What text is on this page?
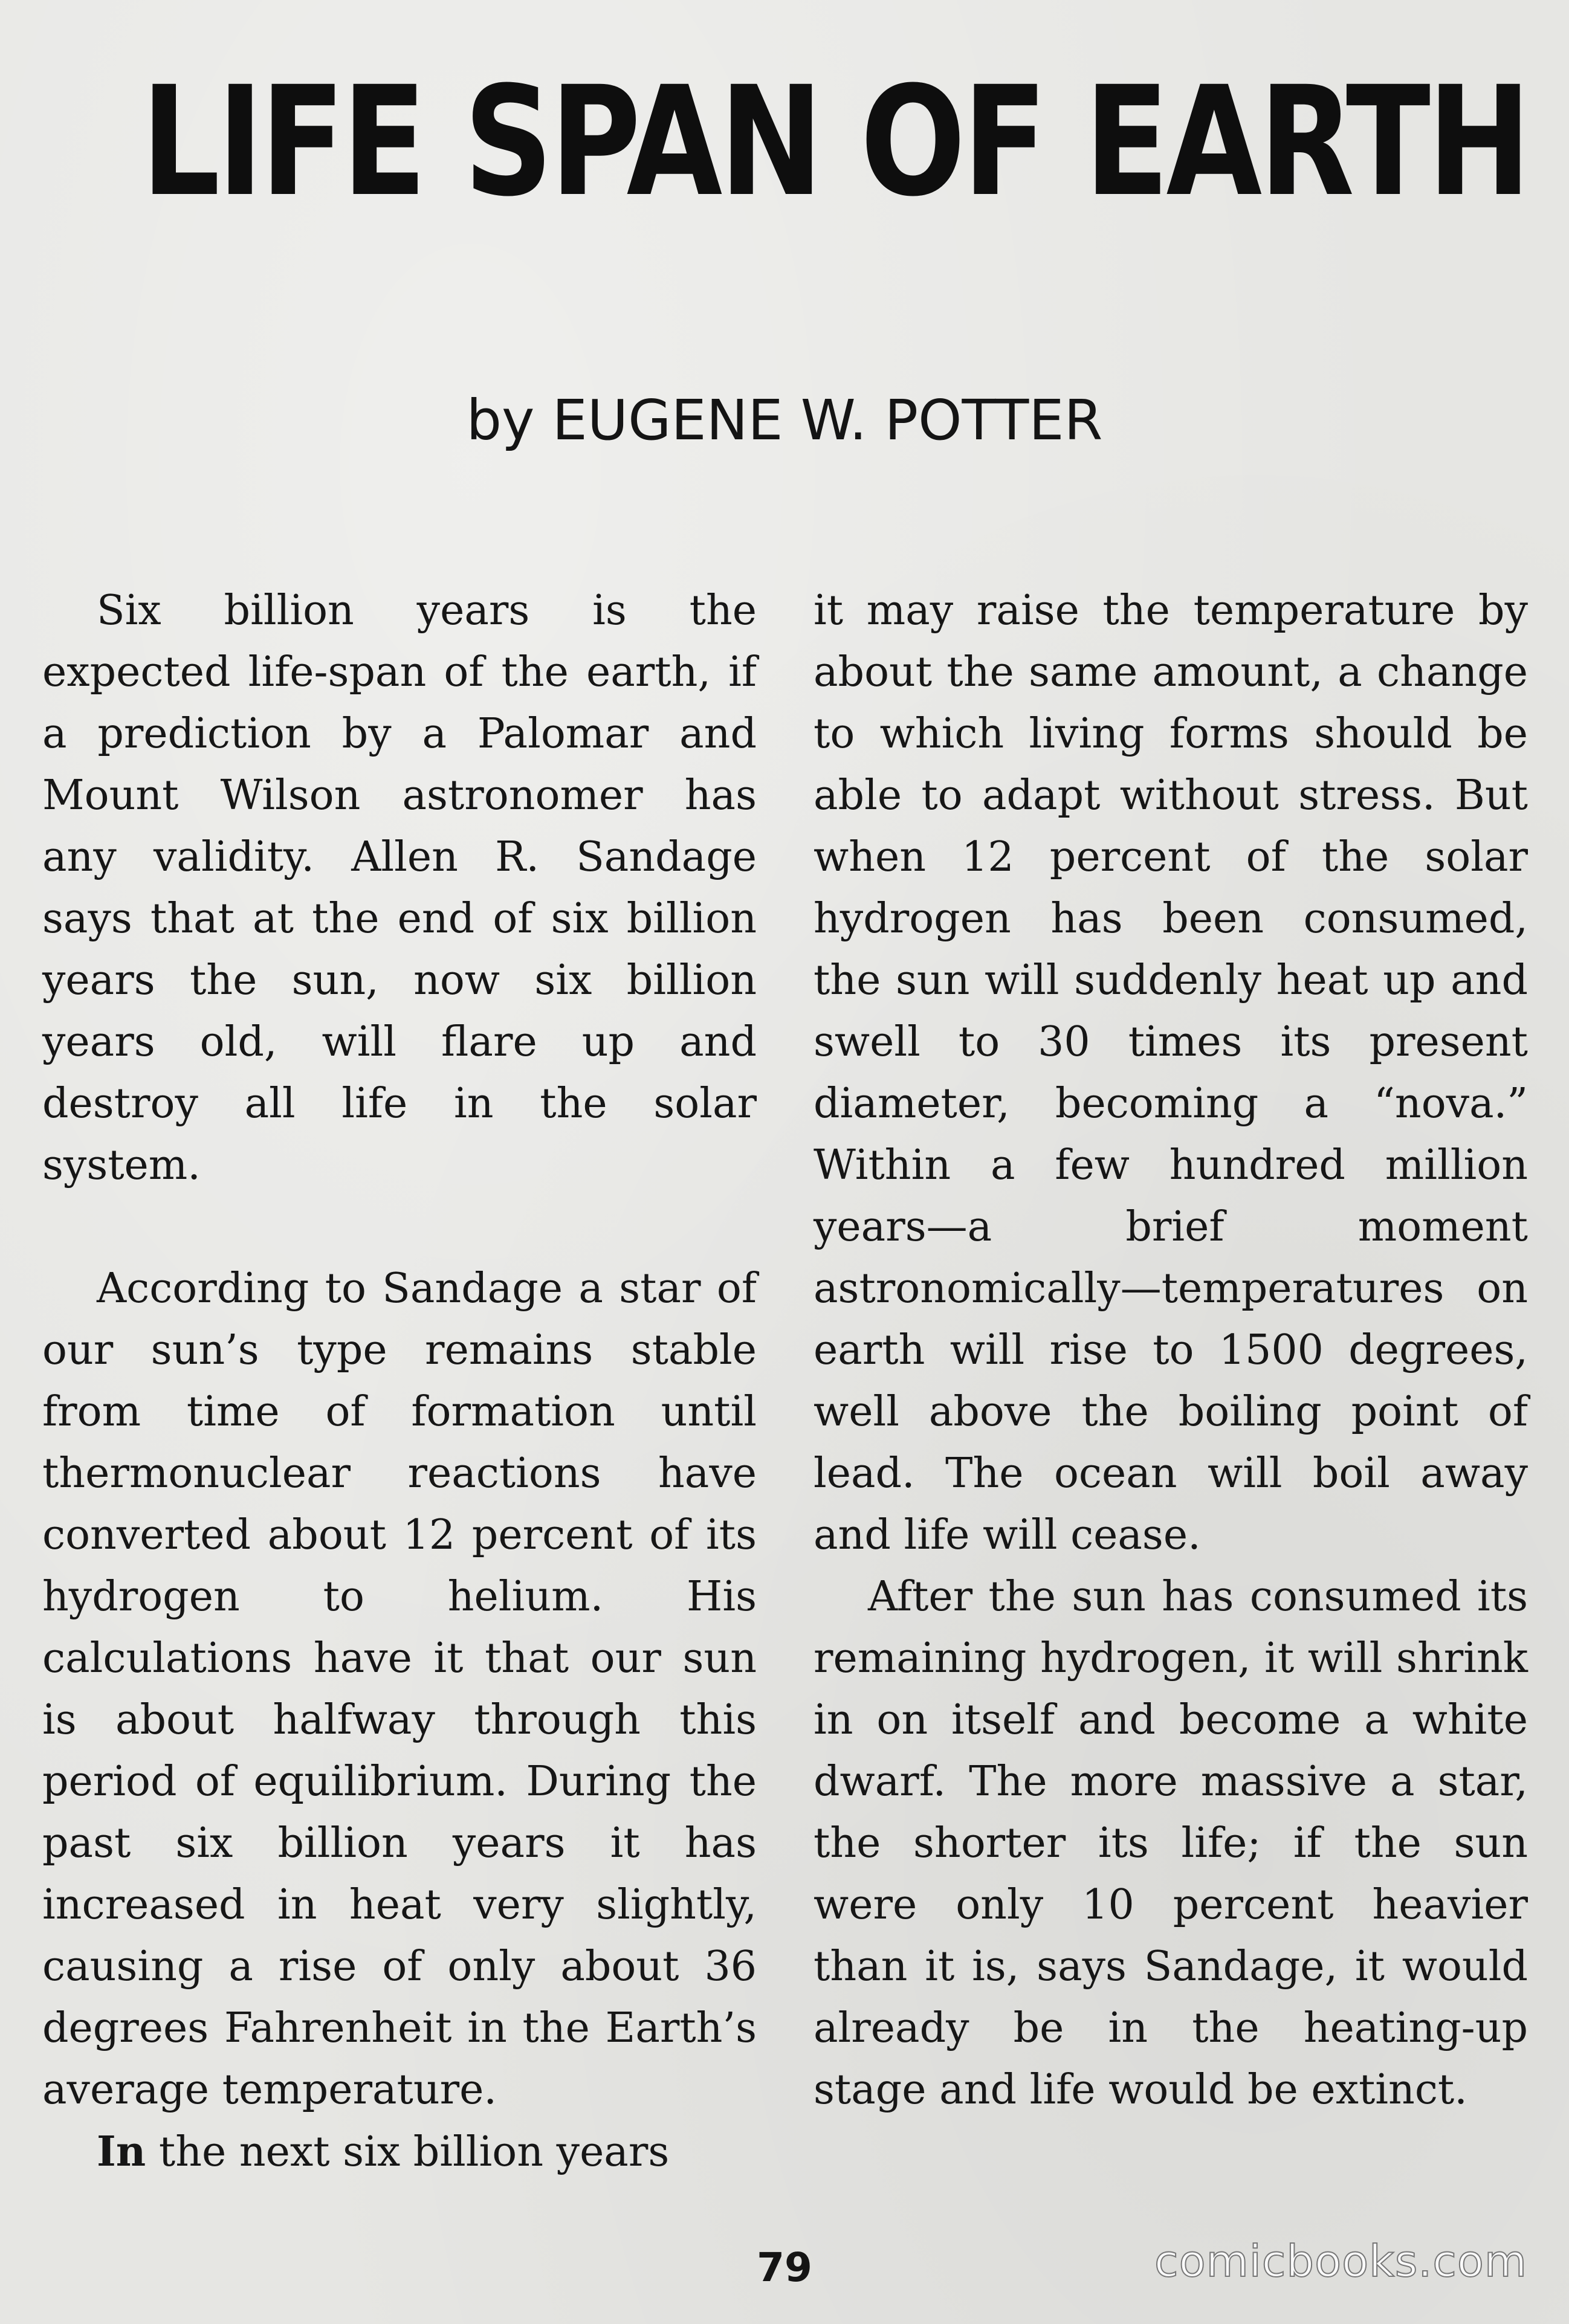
LIFE SPAN OF EARTH
by EUGENE W. POTTER

Six billion years is the expected life-span of the earth, if a prediction by a Palomar and Mount Wilson astronomer has any validity. Allen R. Sandage says that at the end of six billion years the sun, now six billion years old, will flare up and destroy all life in the solar system.

According to Sandage a star of our sun’s type remains stable from time of formation until thermonuclear reactions have converted about 12 percent of its hydrogen to helium. His calculations have it that our sun is about halfway through this period of equilibrium. During the past six billion years it has increased in heat very slightly, causing a rise of only about 36 degrees Fahrenheit in the Earth’s average temperature.

In the next six billion years

it may raise the temperature by about the same amount, a change to which living forms should be able to adapt without stress. But when 12 percent of the solar hydrogen has been consumed, the sun will suddenly heat up and swell to 30 times its present diameter, becoming a “nova.” Within a few hundred million years—a brief moment astronomically—temperatures on earth will rise to 1500 degrees, well above the boiling point of lead. The ocean will boil away and life will cease.

After the sun has consumed its remaining hydrogen, it will shrink in on itself and become a white dwarf. The more massive a star, the shorter its life; if the sun were only 10 percent heavier than it is, says Sandage, it would already be in the heating-up stage and life would be extinct.

79	comicbooks.com
